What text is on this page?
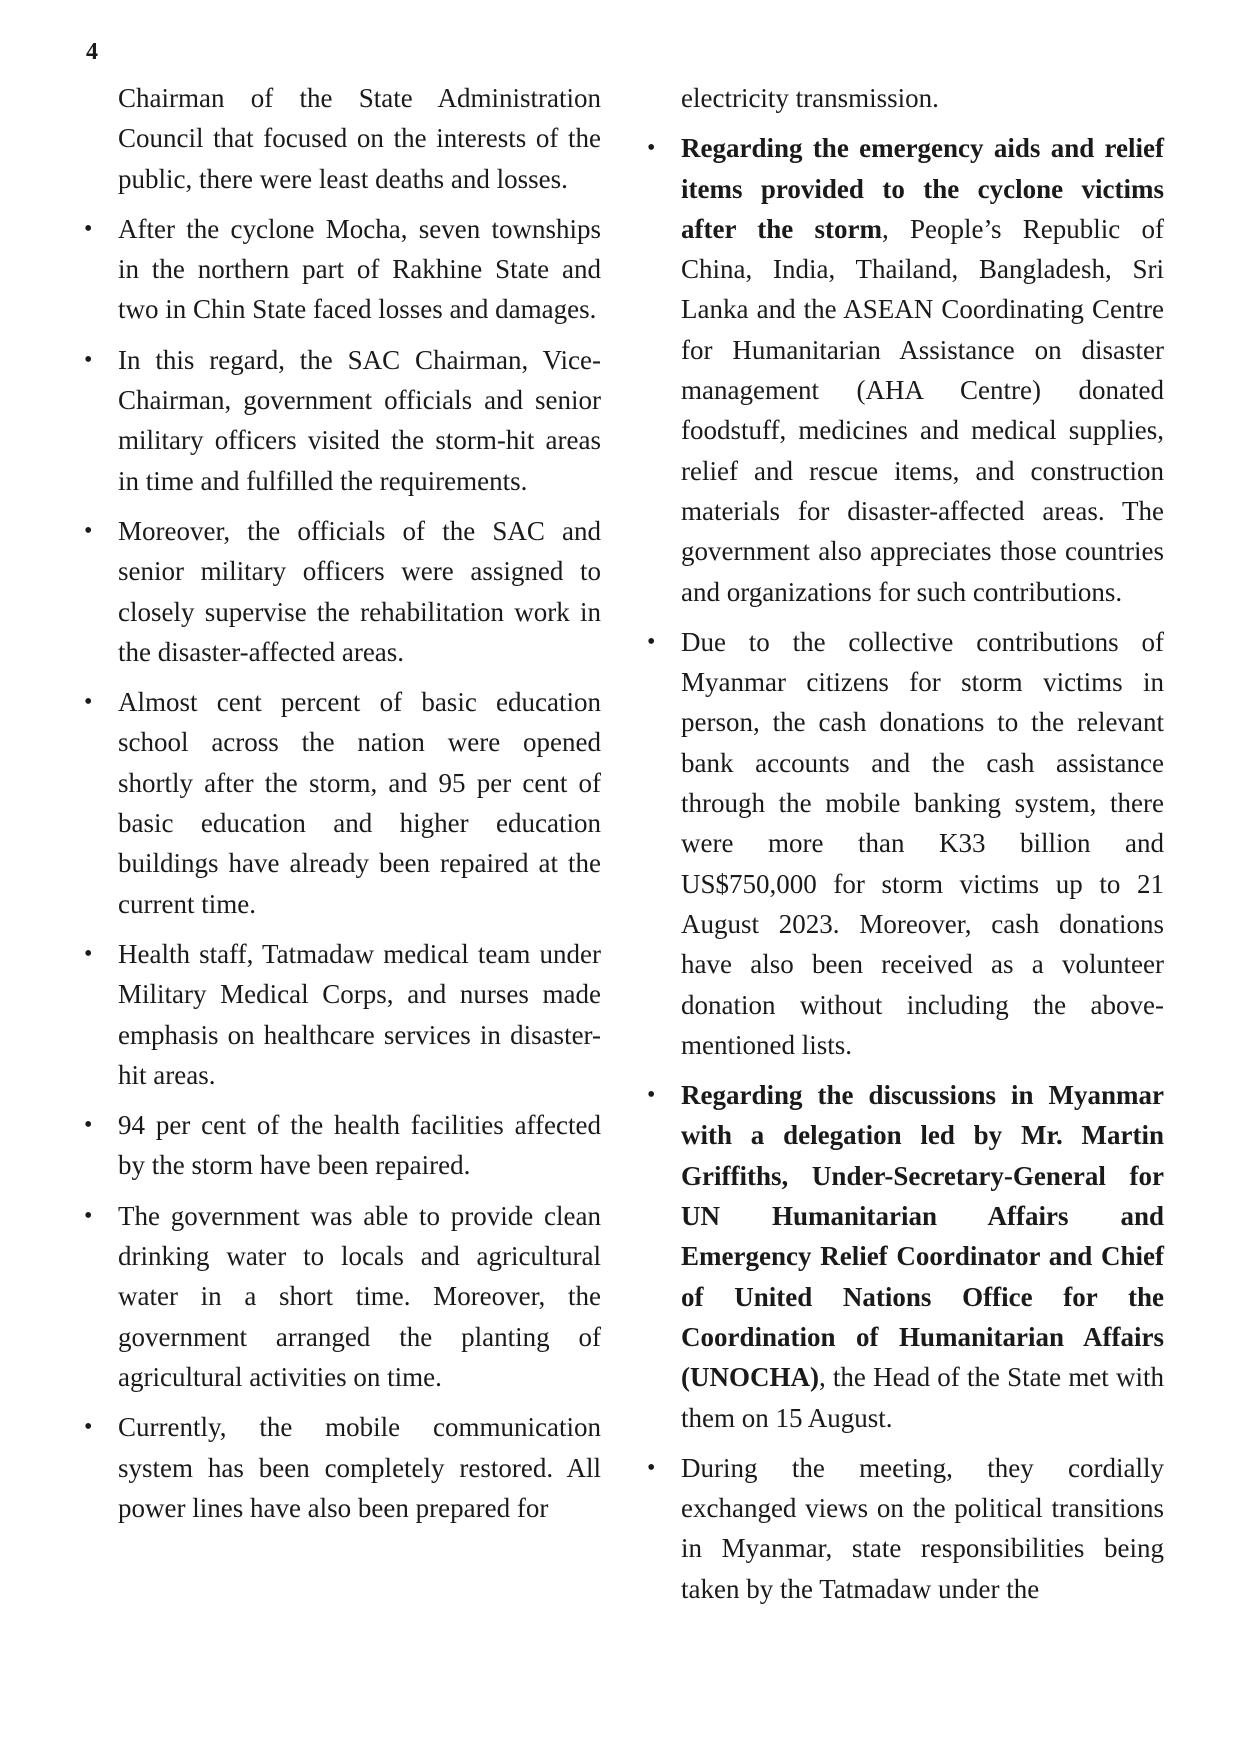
4

Chairman of the State Administration Council that focused on the interests of the public, there were least deaths and losses.

• After the cyclone Mocha, seven townships in the northern part of Rakhine State and two in Chin State faced losses and damages.
• In this regard, the SAC Chairman, Vice-Chairman, government officials and senior military officers visited the storm-hit areas in time and fulfilled the requirements.
• Moreover, the officials of the SAC and senior military officers were assigned to closely supervise the rehabilitation work in the disaster-affected areas.
• Almost cent percent of basic education school across the nation were opened shortly after the storm, and 95 per cent of basic education and higher education buildings have already been repaired at the current time.
• Health staff, Tatmadaw medical team under Military Medical Corps, and nurses made emphasis on healthcare services in disaster-hit areas.
• 94 per cent of the health facilities affected by the storm have been repaired.
• The government was able to provide clean drinking water to locals and agricultural water in a short time. Moreover, the government arranged the planting of agricultural activities on time.
• Currently, the mobile communication system has been completely restored. All power lines have also been prepared for

electricity transmission.

• Regarding the emergency aids and relief items provided to the cyclone victims after the storm, People’s Republic of China, India, Thailand, Bangladesh, Sri Lanka and the ASEAN Coordinating Centre for Humanitarian Assistance on disaster management (AHA Centre) donated foodstuff, medicines and medical supplies, relief and rescue items, and construction materials for disaster-affected areas. The government also appreciates those countries and organizations for such contributions.
• Due to the collective contributions of Myanmar citizens for storm victims in person, the cash donations to the relevant bank accounts and the cash assistance through the mobile banking system, there were more than K33 billion and US$750,000 for storm victims up to 21 August 2023. Moreover, cash donations have also been received as a volunteer donation without including the above-mentioned lists.
• Regarding the discussions in Myanmar with a delegation led by Mr. Martin Griffiths, Under-Secretary-General for UN Humanitarian Affairs and Emergency Relief Coordinator and Chief of United Nations Office for the Coordination of Humanitarian Affairs (UNOCHA), the Head of the State met with them on 15 August.
• During the meeting, they cordially exchanged views on the political transitions in Myanmar, state responsibilities being taken by the Tatmadaw under the
